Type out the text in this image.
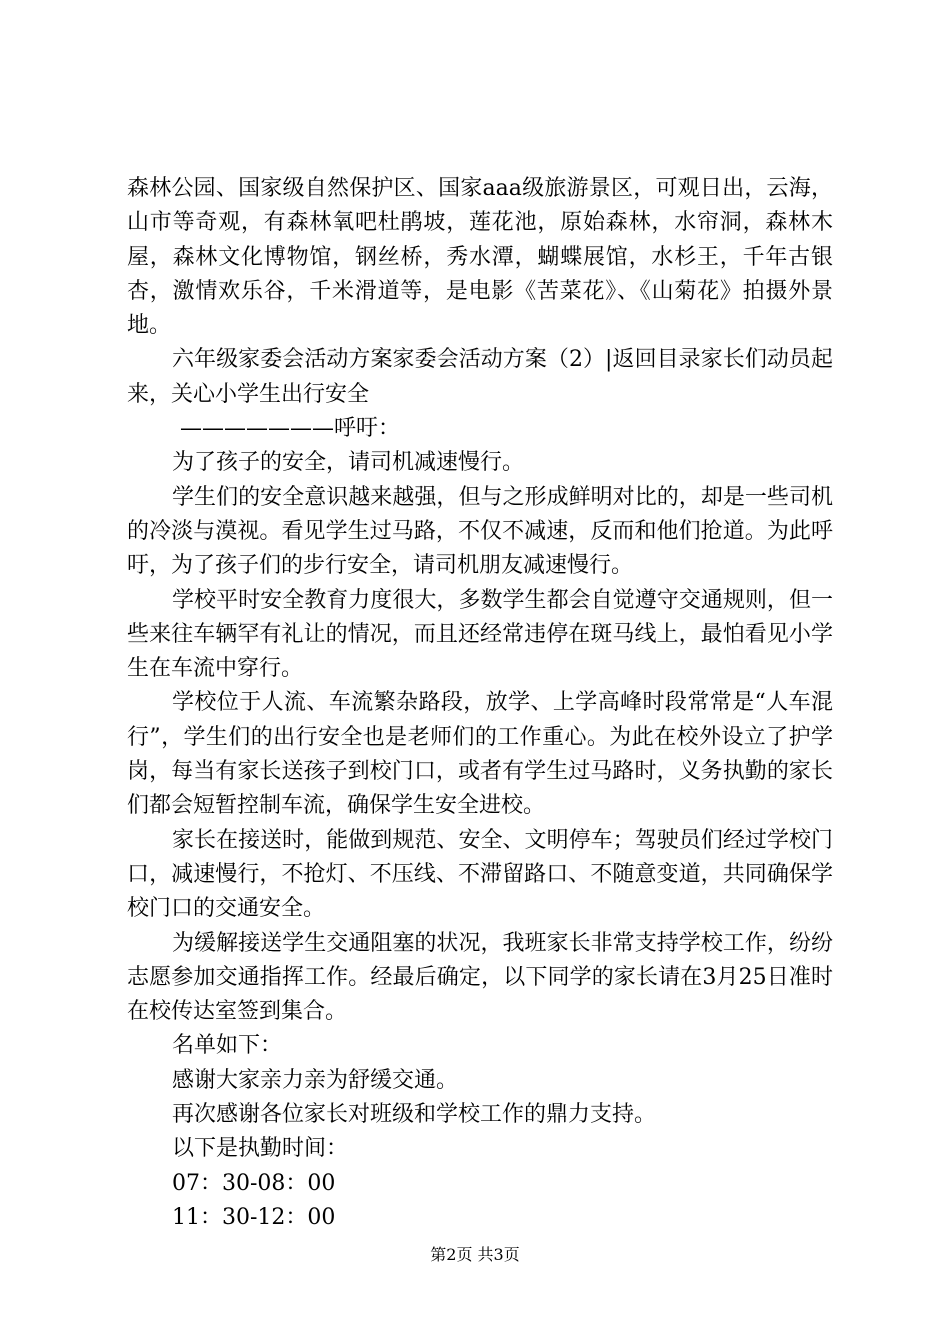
森林公园、国家级自然保护区、国家aaa级旅游景区，可观日出，云海，山市等奇观，有森林氧吧杜鹃坡，莲花池，原始森林，水帘洞，森林木屋，森林文化博物馆，钢丝桥，秀水潭，蝴蝶展馆，水杉王，千年古银杏，激情欢乐谷，千米滑道等，是电影《苦菜花》、《山菊花》拍摄外景地。

六年级家委会活动方案家委会活动方案（2）|返回目录家长们动员起来，关心小学生出行安全

———————呼吁：

为了孩子的安全，请司机减速慢行。

学生们的安全意识越来越强，但与之形成鲜明对比的，却是一些司机的冷淡与漠视。看见学生过马路，不仅不减速，反而和他们抢道。为此呼吁，为了孩子们的步行安全，请司机朋友减速慢行。

学校平时安全教育力度很大，多数学生都会自觉遵守交通规则，但一些来往车辆罕有礼让的情况，而且还经常违停在斑马线上，最怕看见小学生在车流中穿行。

学校位于人流、车流繁杂路段，放学、上学高峰时段常常是“人车混行”，学生们的出行安全也是老师们的工作重心。为此在校外设立了护学岗，每当有家长送孩子到校门口，或者有学生过马路时，义务执勤的家长们都会短暂控制车流，确保学生安全进校。

家长在接送时，能做到规范、安全、文明停车；驾驶员们经过学校门口，减速慢行，不抢灯、不压线、不滞留路口、不随意变道，共同确保学校门口的交通安全。

为缓解接送学生交通阻塞的状况，我班家长非常支持学校工作，纷纷志愿参加交通指挥工作。经最后确定，以下同学的家长请在3月25日准时在校传达室签到集合。

名单如下：

感谢大家亲力亲为舒缓交通。

再次感谢各位家长对班级和学校工作的鼎力支持。

以下是执勤时间：

07：30-08：00

11：30-12：00

第2页 共3页
